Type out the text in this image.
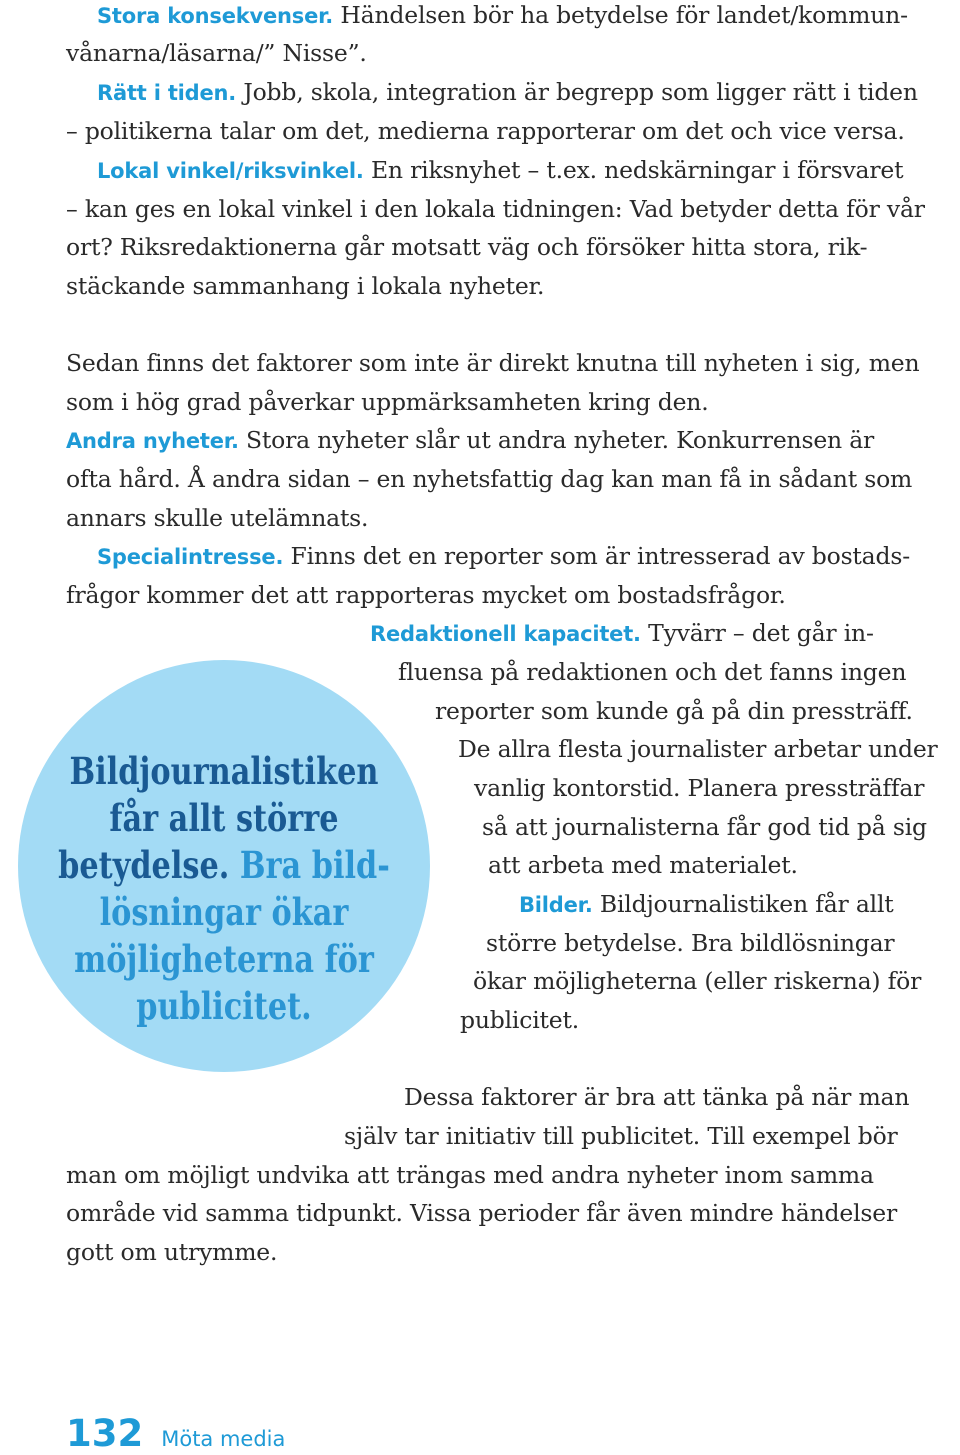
Stora konsekvenser. Händelsen bör ha betydelse för landet/kommun-
vånarna/läsarna/” Nisse”.
Rätt i tiden. Jobb, skola, integration är begrepp som ligger rätt i tiden
– politikerna talar om det, medierna rapporterar om det och vice versa.
Lokal vinkel/riksvinkel. En riksnyhet – t.ex. nedskärningar i försvaret
– kan ges en lokal vinkel i den lokala tidningen: Vad betyder detta för vår
ort? Riksredaktionerna går motsatt väg och försöker hitta stora, rik-
stäckande sammanhang i lokala nyheter.
Sedan finns det faktorer som inte är direkt knutna till nyheten i sig, men
som i hög grad påverkar uppmärksamheten kring den.
Andra nyheter. Stora nyheter slår ut andra nyheter. Konkurrensen är
ofta hård. Å andra sidan – en nyhetsfattig dag kan man få in sådant som
annars skulle utelämnats.
Specialintresse. Finns det en reporter som är intresserad av bostads-
frågor kommer det att rapporteras mycket om bostadsfrågor.
Bildjournalistiken
får allt större
betydelse. Bra bild-
lösningar ökar
möjligheterna för
publicitet.
Redaktionell kapacitet. Tyvärr – det går in-
fluensa på redaktionen och det fanns ingen
reporter som kunde gå på din pressträff.
De allra flesta journalister arbetar under
vanlig kontorstid. Planera pressträffar
så att journalisterna får god tid på sig
att arbeta med materialet.
Bilder. Bildjournalistiken får allt
större betydelse. Bra bildlösningar
ökar möjligheterna (eller riskerna) för
publicitet.
Dessa faktorer är bra att tänka på när man
själv tar initiativ till publicitet. Till exempel bör
man om möjligt undvika att trängas med andra nyheter inom samma
område vid samma tidpunkt. Vissa perioder får även mindre händelser
gott om utrymme.
132 Möta media
